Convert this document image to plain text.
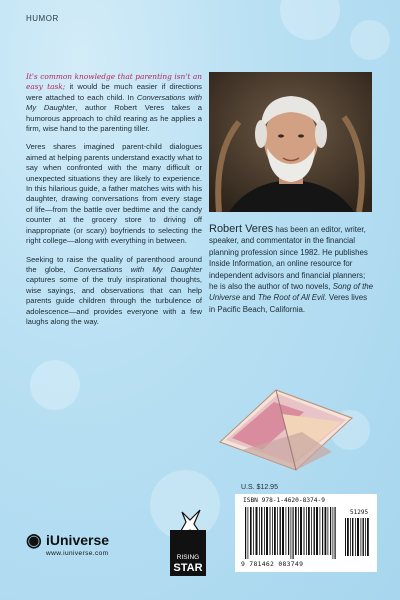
HUMOR

It's common knowledge that parenting isn't an easy task; it would be much easier if directions were attached to each child. In Conversations with My Daughter, author Robert Veres takes a humorous approach to child rearing as he applies a firm, wise hand to the parenting tiller.

Veres shares imagined parent-child dialogues aimed at helping parents understand exactly what to say when confronted with the many difficult or unexpected situations they are likely to experience. In this hilarious guide, a father matches wits with his daughter, drawing conversations from every stage of life—from the battle over bedtime and the candy counter at the grocery store to driving off inappropriate (or scary) boyfriends to selecting the right college—along with everything in between.

Seeking to raise the quality of parenthood around the globe, Conversations with My Daughter captures some of the truly inspirational thoughts, wise sayings, and observations that can help parents guide children through the turbulence of adolescence—and provides everyone with a few laughs along the way.

Robert Veres has been an editor, writer, speaker, and commentator in the financial planning profession since 1982. He publishes Inside Information, an online resource for independent advisors and financial planners; he is also the author of two novels, Song of the Universe and The Root of All Evil. Veres lives in Pacific Beach, California.
U.S. $12.95
ISBN 978-1-4620-8374-9
51295
9 781462 083749
RISING
STAR
◉ iUniverse
www.iuniverse.com
